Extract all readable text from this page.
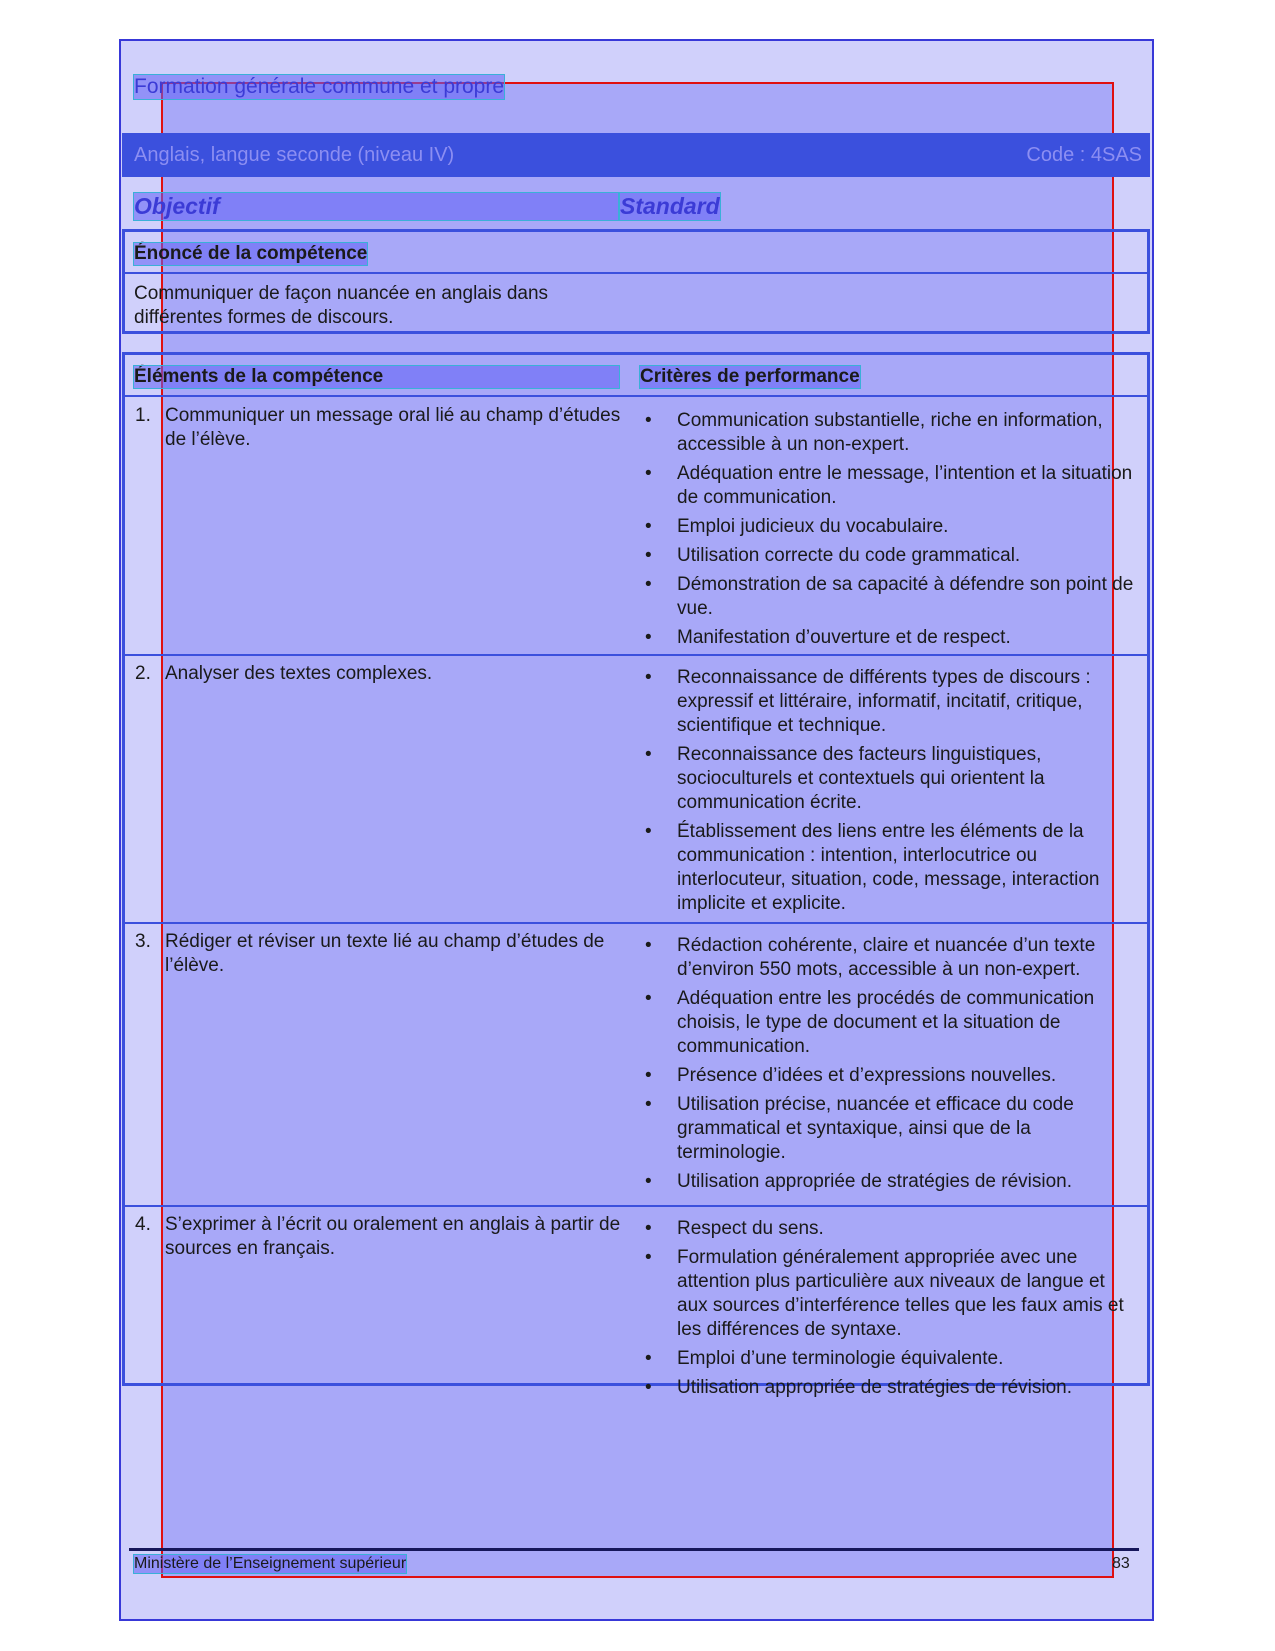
Formation générale commune et propre
Anglais, langue seconde (niveau IV)	Code : 4SAS
Objectif	Standard
Énoncé de la compétence
Communiquer de façon nuancée en anglais dans différentes formes de discours.
Éléments de la compétence	Critères de performance
1. Communiquer un message oral lié au champ d’études de l’élève.
•	Communication substantielle, riche en information, accessible à un non-expert.
•	Adéquation entre le message, l’intention et la situation de communication.
•	Emploi judicieux du vocabulaire.
•	Utilisation correcte du code grammatical.
•	Démonstration de sa capacité à défendre son point de vue.
•	Manifestation d’ouverture et de respect.
2. Analyser des textes complexes.	•	Reconnaissance de différents types de discours : expressif et littéraire, informatif, incitatif, critique, scientifique et technique.
•	Reconnaissance des facteurs linguistiques, socioculturels et contextuels qui orientent la communication écrite.
•	Établissement des liens entre les éléments de la communication : intention, interlocutrice ou interlocuteur, situation, code, message, interaction implicite et explicite.
3. Rédiger et réviser un texte lié au champ d’études de l’élève.
•	Rédaction cohérente, claire et nuancée d’un texte d’environ 550 mots, accessible à un non-expert.
•	Adéquation entre les procédés de communication choisis, le type de document et la situation de communication.
•	Présence d’idées et d’expressions nouvelles.
•	Utilisation précise, nuancée et efficace du code grammatical et syntaxique, ainsi que de la terminologie.
•	Utilisation appropriée de stratégies de révision.
4. S’exprimer à l’écrit ou oralement en anglais à partir de sources en français.
•	Respect du sens.
•	Formulation généralement appropriée avec une attention plus particulière aux niveaux de langue et aux sources d’interférence telles que les faux amis et les différences de syntaxe.
•	Emploi d’une terminologie équivalente.
•	Utilisation appropriée de stratégies de révision.
Ministère de l’Enseignement supérieur	83
